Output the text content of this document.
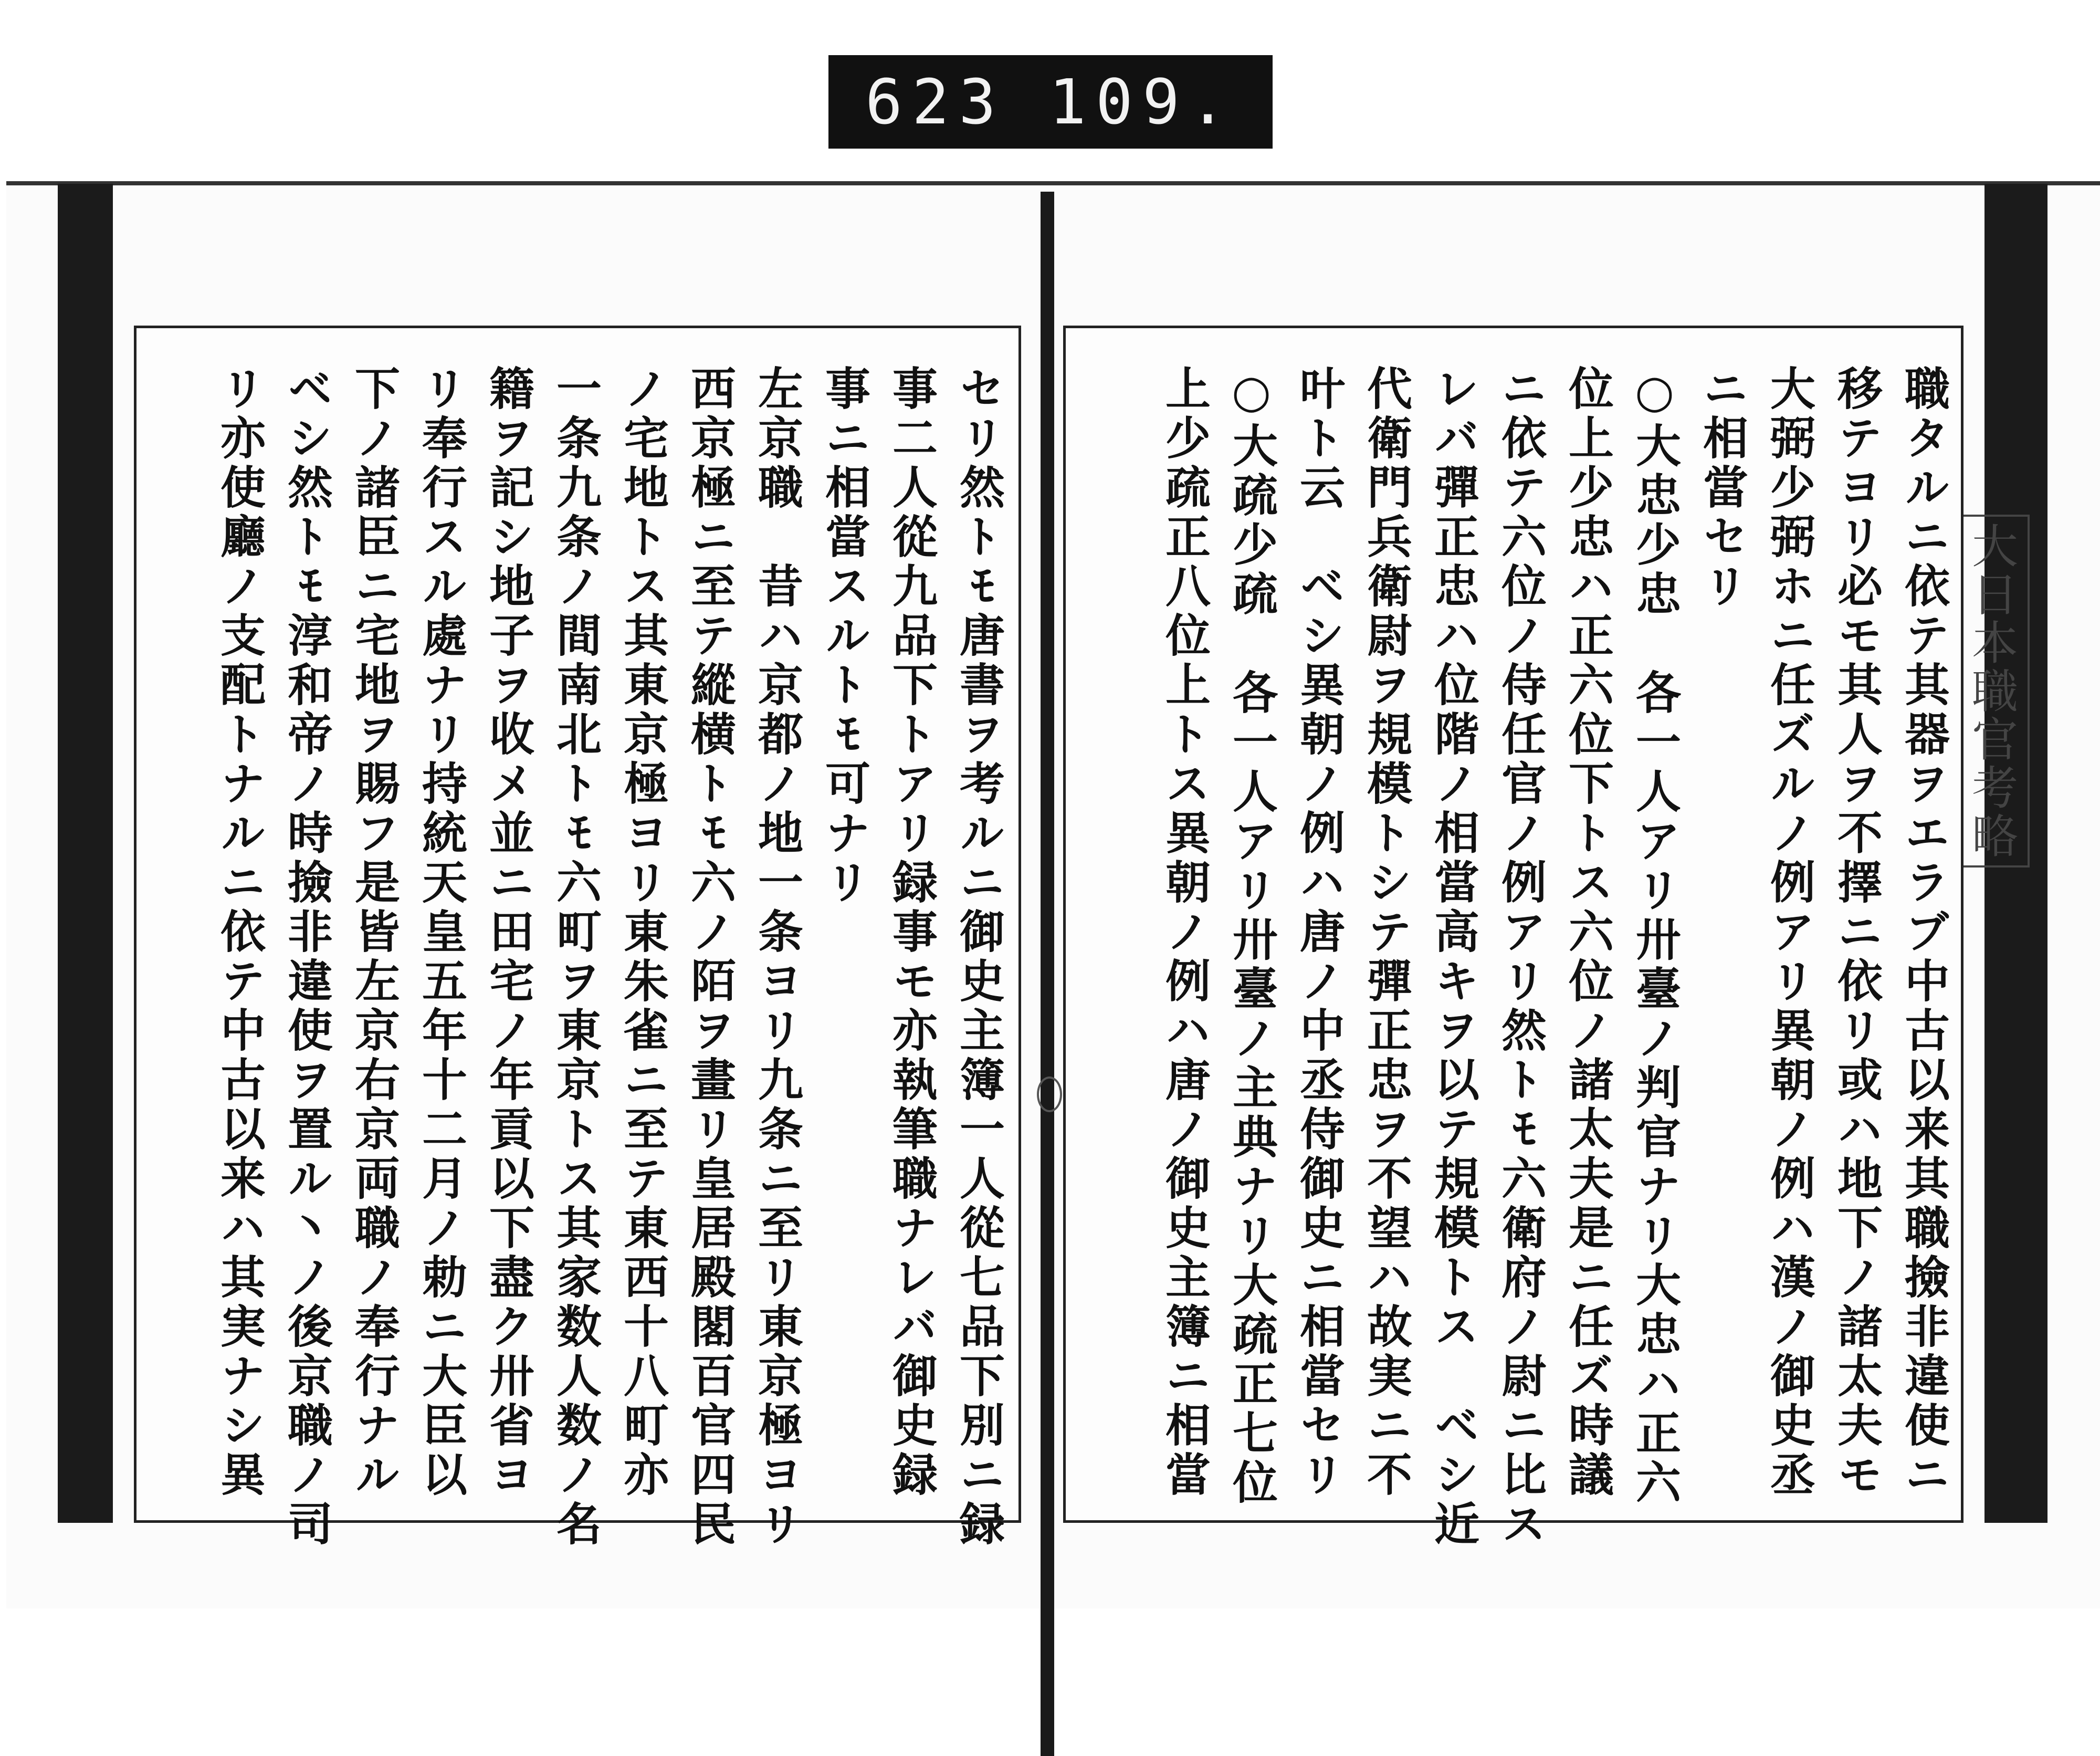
623 109.
大日本職官考略
セリ然ﾄﾓ唐書ヲ考ルニ御史主簿一人從七品下別ニ録
事二人從九品下トアリ録事モ亦執筆職ナレバ御史録
事ニ相當スルﾄﾓ可ナリ
左京職　昔ハ京都ノ地一条ヨリ九条ニ至リ東京極ヨリ
西京極ニ至テ縱横ﾄﾓ六ノ陌ヲ畫リ皇居殿閣百官四民
ノ宅地トス其東京極ヨリ東朱雀ニ至テ東西十八町亦
一条九条ノ間南北ﾄﾓ六町ヲ東京トス其家数人数ノ名
籍ヲ記シ地子ヲ收メ並ニ田宅ノ年貢以下盡ク卅省ヨ
リ奉行スル處ナリ持統天皇五年十二月ノ勅ニ大臣以
下ノ諸臣ニ宅地ヲ賜フ是皆左京右京両職ノ奉行ナル
ベシ然ﾄﾓ淳和帝ノ時撿非違使ヲ置ル丶ノ後京職ノ司
リ亦使廳ノ支配トナルニ依テ中古以来ハ其実ナシ異	職タルニ依テ其器ヲエラブ中古以来其職撿非違使ニ
移テヨリ必モ其人ヲ不擇ニ依リ或ハ地下ノ諸太夫モ
大弼少弼ホニ任ズルノ例アリ異朝ノ例ハ漢ノ御史丞
ニ相當セリ
○大忠少忠　各一人アリ卅臺ノ判官ナリ大忠ハ正六
位上少忠ハ正六位下トス六位ノ諸太夫是ニ任ズ時議
ニ依テ六位ノ侍任官ノ例アリ然ﾄﾓ六衛府ノ尉ニ比ス
レバ彈正忠ハ位階ノ相當高キヲ以テ規模トス　ベシ近
代衛門兵衛尉ヲ規模トシテ彈正忠ヲ不望ハ故実ニ不
叶ト云　ベシ異朝ノ例ハ唐ノ中丞侍御史ニ相當セリ
○大疏少疏　各一人アリ卅臺ノ主典ナリ大疏正七位
上少疏正八位上トス異朝ノ例ハ唐ノ御史主簿ニ相當
